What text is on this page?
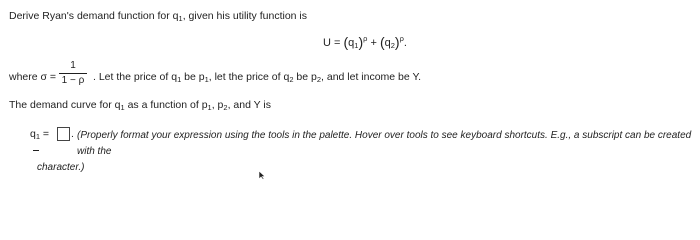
Derive Ryan's demand function for $q_1$, given his utility function is
$U = (q_1)^\rho + (q_2)^\rho$.
where σ =
1
1 − ρ . Let the price of $q_1$ be $p_1$, let the price of $q_2$ be $p_2$, and let income be Y.
The demand curve for $q_1$ as a function of $p_1$, $p_2$, and Y is
$q_1$ = . (Properly format your expression using the tools in the palette. Hover over tools to see keyboard shortcuts. E.g., a subscript can be created with the
character.)
